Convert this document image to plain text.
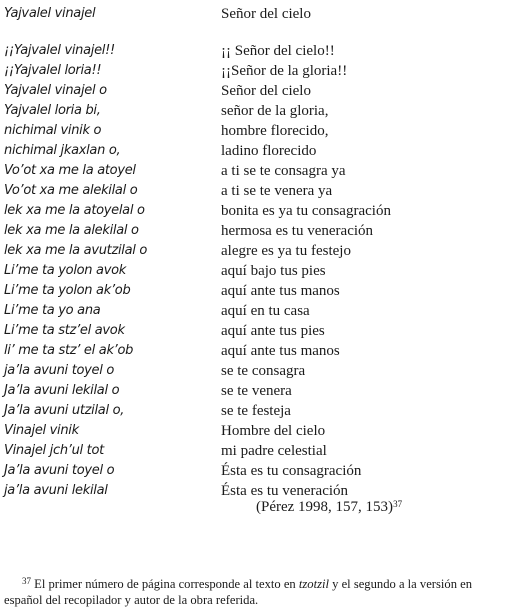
Yajvalel vinajel	Señor del cielo
¡¡Yajvalel vinajel!!	¡¡ Señor del cielo!!
¡¡Yajvalel loria!!	¡¡Señor de la gloria!!
Yajvalel vinajel o	Señor del cielo
Yajvalel loria bi,	señor de la gloria,
nichimal vinik o	hombre florecido,
nichimal jkaxlan o,	ladino florecido
Vo’ot xa me la atoyel	a ti se te consagra ya
Vo’ot xa me alekilal o	a ti se te venera ya
lek xa me la atoyelal o	bonita es ya tu consagración
lek xa me la alekilal o	hermosa es tu veneración
lek xa me la avutzilal o	alegre es ya tu festejo
Li’me ta yolon avok	aquí bajo tus pies
Li’me ta yolon ak’ob	aquí ante tus manos
Li’me ta yo ana	aquí en tu casa
Li’me ta stz’el avok	aquí ante tus pies
li’ me ta stz’ el ak’ob	aquí ante tus manos
ja’la avuni toyel o	se te consagra
Ja’la avuni lekilal o	se te venera
Ja’la avuni utzilal o,	se te festeja
Vinajel vinik	Hombre del cielo
Vinajel jch’ul tot	mi padre celestial
Ja’la avuni toyel o	Ésta es tu consagración
ja’la avuni lekilal	Ésta es tu veneración
(Pérez 1998, 157, 153)$^{37}$
$^{37}$ El primer número de página corresponde al texto en tzotzil y el segundo a la versión en español del recopilador y autor de la obra referida.
